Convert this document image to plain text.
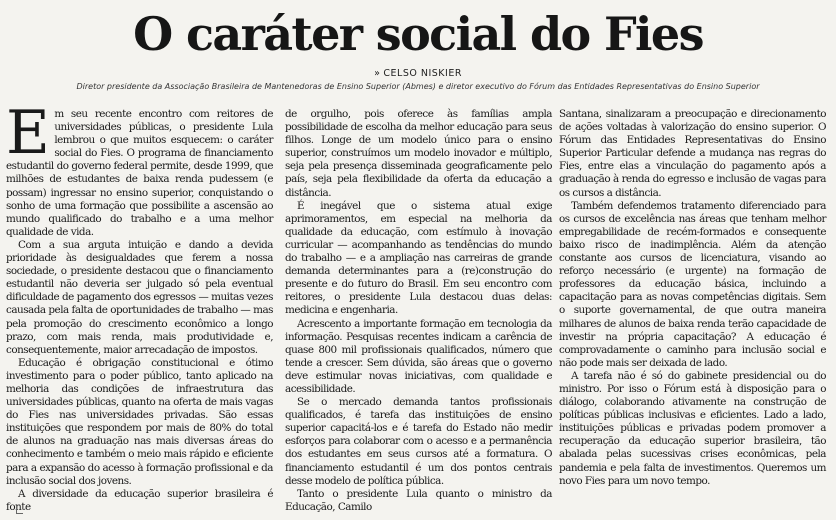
O caráter social do Fies

» CELSO NISKIER

Diretor presidente da Associação Brasileira de Mantenedoras de Ensino Superior (Abmes) e diretor executivo do Fórum das Entidades Representativas do Ensino Superior

Em seu recente encontro com reitores de universidades públicas, o presidente Lula lembrou o que muitos esquecem: o caráter social do Fies. O programa de financiamento estudantil do governo federal permite, desde 1999, que milhões de estudantes de baixa renda pudessem (e possam) ingressar no ensino superior, conquistando o sonho de uma formação que possibilite a ascensão ao mundo qualificado do trabalho e a uma melhor qualidade de vida.

Com a sua arguta intuição e dando a devida prioridade às desigualdades que ferem a nossa sociedade, o presidente destacou que o financiamento estudantil não deveria ser julgado só pela eventual dificuldade de pagamento dos egressos — muitas vezes causada pela falta de oportunidades de trabalho — mas pela promoção do crescimento econômico a longo prazo, com mais renda, mais produtividade e, consequentemente, maior arrecadação de impostos.

Educação é obrigação constitucional e ótimo investimento para o poder público, tanto aplicado na melhoria das condições de infraestrutura das universidades públicas, quanto na oferta de mais vagas do Fies nas universidades privadas. São essas instituições que respondem por mais de 80% do total de alunos na graduação nas mais diversas áreas do conhecimento e também o meio mais rápido e eficiente para a expansão do acesso à formação profissional e da inclusão social dos jovens.

A diversidade da educação superior brasileira é fonte

de orgulho, pois oferece às famílias ampla possibilidade de escolha da melhor educação para seus filhos. Longe de um modelo único para o ensino superior, construímos um modelo inovador e múltiplo, seja pela presença disseminada geograficamente pelo país, seja pela flexibilidade da oferta da educação a distância.

É inegável que o sistema atual exige aprimoramentos, em especial na melhoria da qualidade da educação, com estímulo à inovação curricular — acompanhando as tendências do mundo do trabalho — e a ampliação nas carreiras de grande demanda determinantes para a (re)construção do presente e do futuro do Brasil. Em seu encontro com reitores, o presidente Lula destacou duas delas: medicina e engenharia.

Acrescento a importante formação em tecnologia da informação. Pesquisas recentes indicam a carência de quase 800 mil profissionais qualificados, número que tende a crescer. Sem dúvida, são áreas que o governo deve estimular novas iniciativas, com qualidade e acessibilidade.

Se o mercado demanda tantos profissionais qualificados, é tarefa das instituições de ensino superior capacitá-los e é tarefa do Estado não medir esforços para colaborar com o acesso e a permanência dos estudantes em seus cursos até a formatura. O financiamento estudantil é um dos pontos centrais desse modelo de política pública.

Tanto o presidente Lula quanto o ministro da Educação, Camilo

Santana, sinalizaram a preocupação e direcionamento de ações voltadas à valorização do ensino superior. O Fórum das Entidades Representativas do Ensino Superior Particular defende a mudança nas regras do Fies, entre elas a vinculação do pagamento após a graduação à renda do egresso e inclusão de vagas para os cursos a distância.

Também defendemos tratamento diferenciado para os cursos de excelência nas áreas que tenham melhor empregabilidade de recém-formados e consequente baixo risco de inadimplência. Além da atenção constante aos cursos de licenciatura, visando ao reforço necessário (e urgente) na formação de professores da educação básica, incluindo a capacitação para as novas competências digitais. Sem o suporte governamental, de que outra maneira milhares de alunos de baixa renda terão capacidade de investir na própria capacitação? A educação é comprovadamente o caminho para inclusão social e não pode mais ser deixada de lado.

A tarefa não é só do gabinete presidencial ou do ministro. Por isso o Fórum está à disposição para o diálogo, colaborando ativamente na construção de políticas públicas inclusivas e eficientes. Lado a lado, instituições públicas e privadas podem promover a recuperação da educação superior brasileira, tão abalada pelas sucessivas crises econômicas, pela pandemia e pela falta de investimentos. Queremos um novo Fies para um novo tempo.
